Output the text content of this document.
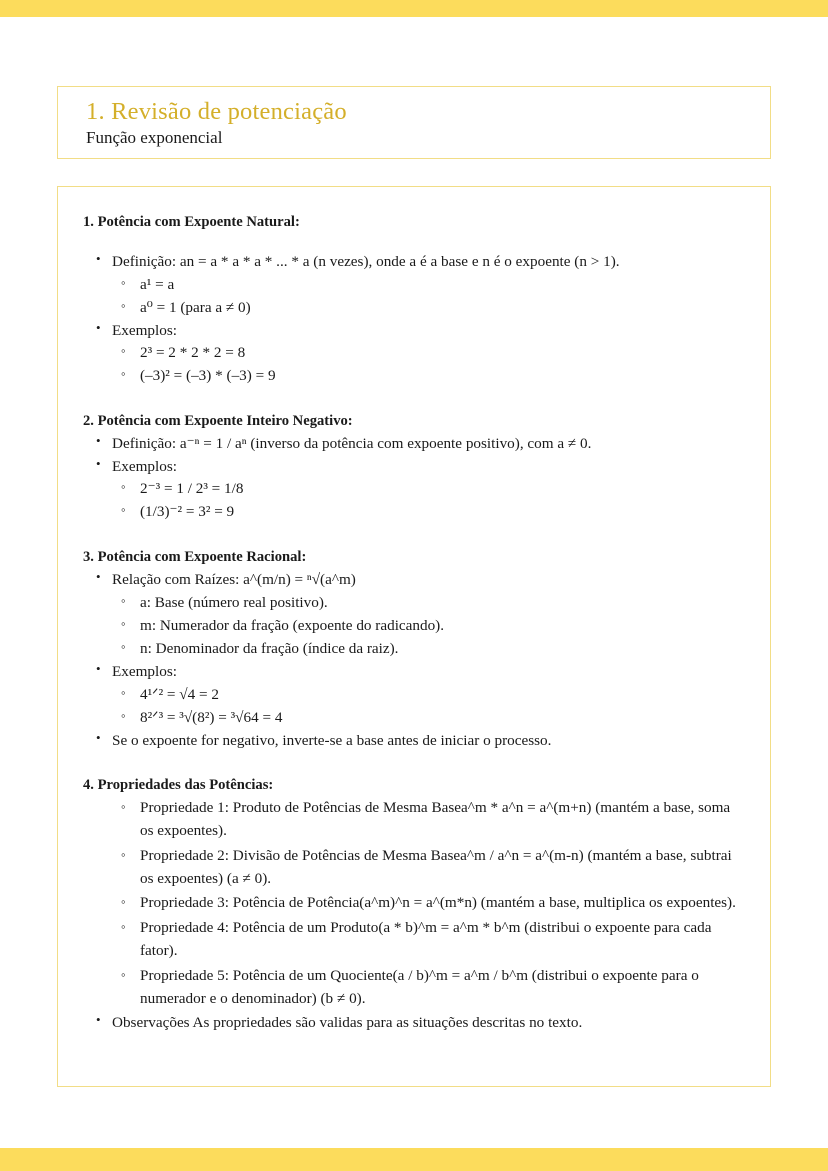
1. Revisão de potenciação
Função exponencial
1. Potência com Expoente Natural:
• Definição: an = a * a * a * ... * a (n vezes), onde a é a base e n é o expoente (n > 1).
◦ a¹ = a
◦ a⁰ = 1 (para a ≠ 0)
• Exemplos:
◦ 2³ = 2 * 2 * 2 = 8
◦ (–3)² = (–3) * (–3) = 9
2. Potência com Expoente Inteiro Negativo:
• Definição: a⁻ⁿ = 1 / aⁿ (inverso da potência com expoente positivo), com a ≠ 0.
• Exemplos:
◦ 2⁻³ = 1 / 2³ = 1/8
◦ (1/3)⁻² = 3² = 9
3. Potência com Expoente Racional:
• Relação com Raízes: a^(m/n) = ⁿ√(a^m)
◦ a: Base (número real positivo).
◦ m: Numerador da fração (expoente do radicando).
◦ n: Denominador da fração (índice da raiz).
• Exemplos:
◦ 4¹ᐟ² = √4 = 2
◦ 8²ᐟ³ = ³√(8²) = ³√64 = 4
• Se o expoente for negativo, inverte-se a base antes de iniciar o processo.
4. Propriedades das Potências:
◦ Propriedade 1: Produto de Potências de Mesma Basea^m * a^n = a^(m+n) (mantém a base, soma os expoentes).
◦ Propriedade 2: Divisão de Potências de Mesma Basea^m / a^n = a^(m-n) (mantém a base, subtrai os expoentes) (a ≠ 0).
◦ Propriedade 3: Potência de Potência(a^m)^n = a^(m*n) (mantém a base, multiplica os expoentes).
◦ Propriedade 4: Potência de um Produto(a * b)^m = a^m * b^m (distribui o expoente para cada fator).
◦ Propriedade 5: Potência de um Quociente(a / b)^m = a^m / b^m (distribui o expoente para o numerador e o denominador) (b ≠ 0).
• Observações As propriedades são validas para as situações descritas no texto.
